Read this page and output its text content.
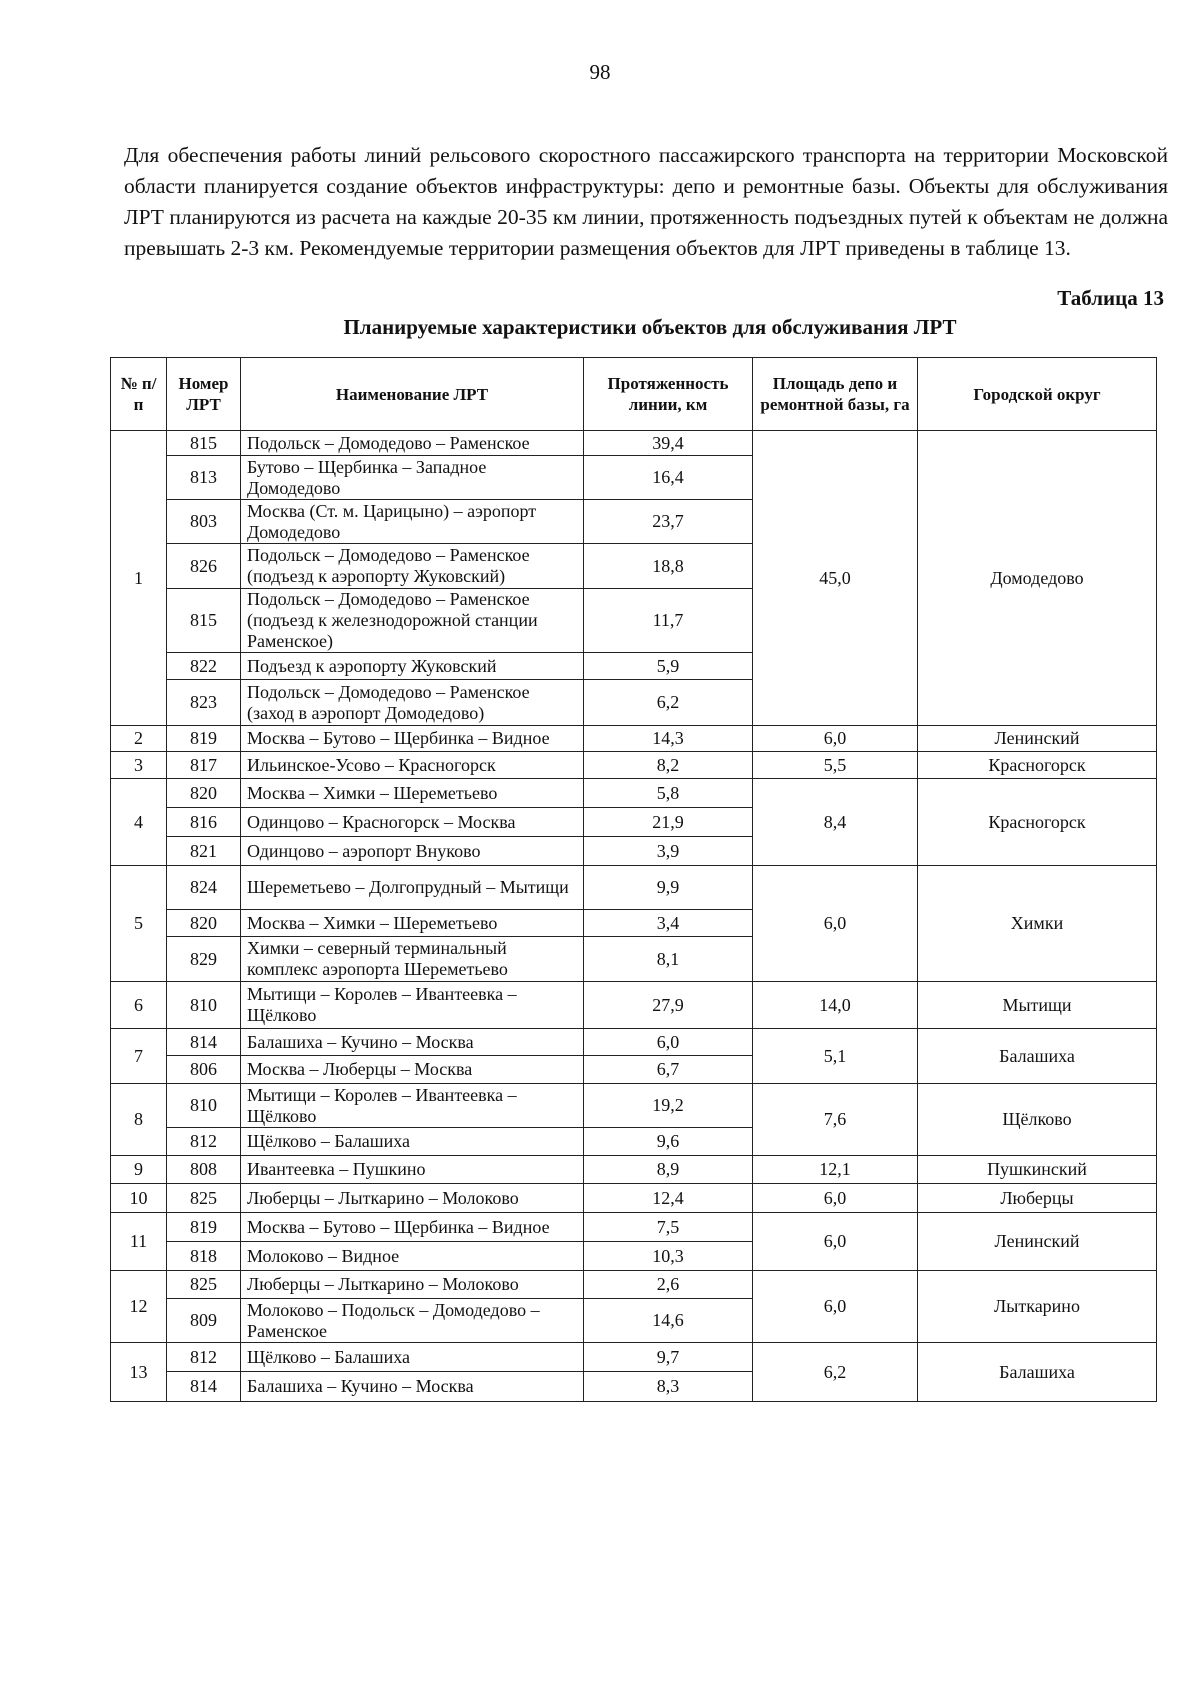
98

Для обеспечения работы линий рельсового скоростного пассажирского транспорта на территории Московской области планируется создание объектов инфраструктуры: депо и ремонтные базы. Объекты для обслуживания ЛРТ планируются из расчета на каждые 20-35 км линии, протяженность подъездных путей к объектам не должна превышать 2-3 км. Рекомендуемые территории размещения объектов для ЛРТ приведены в таблице 13.

Таблица 13
Планируемые характеристики объектов для обслуживания ЛРТ
№ п/п	Номер ЛРТ	Наименование ЛРТ	Протяженность линии, км	Площадь депо и ремонтной базы, га	Городской округ
1	815	Подольск – Домодедово – Раменское	39,4	45,0	Домодедово
	813	Бутово – Щербинка – Западное Домодедово	16,4		
	803	Москва (Ст. м. Царицыно) – аэропорт Домодедово	23,7		
	826	Подольск – Домодедово – Раменское (подъезд к аэропорту Жуковский)	18,8		
	815	Подольск – Домодедово – Раменское (подъезд к железнодорожной станции Раменское)	11,7		
	822	Подъезд к аэропорту Жуковский	5,9		
	823	Подольск – Домодедово – Раменское (заход в аэропорт Домодедово)	6,2		
2	819	Москва – Бутово – Щербинка – Видное	14,3	6,0	Ленинский
3	817	Ильинское-Усово – Красногорск	8,2	5,5	Красногорск
4	820	Москва – Химки – Шереметьево	5,8	8,4	Красногорск
	816	Одинцово – Красногорск – Москва	21,9		
	821	Одинцово – аэропорт Внуково	3,9		
5	824	Шереметьево – Долгопрудный – Мытищи	9,9	6,0	Химки
	820	Москва – Химки – Шереметьево	3,4		
	829	Химки – северный терминальный комплекс аэропорта Шереметьево	8,1		
6	810	Мытищи – Королев – Ивантеевка – Щёлково	27,9	14,0	Мытищи
7	814	Балашиха – Кучино – Москва	6,0	5,1	Балашиха
	806	Москва – Люберцы – Москва	6,7		
8	810	Мытищи – Королев – Ивантеевка – Щёлково	19,2	7,6	Щёлково
	812	Щёлково – Балашиха	9,6		
9	808	Ивантеевка – Пушкино	8,9	12,1	Пушкинский
10	825	Люберцы – Лыткарино – Молоково	12,4	6,0	Люберцы
11	819	Москва – Бутово – Щербинка – Видное	7,5	6,0	Ленинский
	818	Молоково – Видное	10,3		
12	825	Люберцы – Лыткарино – Молоково	2,6	6,0	Лыткарино
	809	Молоково – Подольск – Домодедово – Раменское	14,6		
13	812	Щёлково – Балашиха	9,7	6,2	Балашиха
	814	Балашиха – Кучино – Москва	8,3		
